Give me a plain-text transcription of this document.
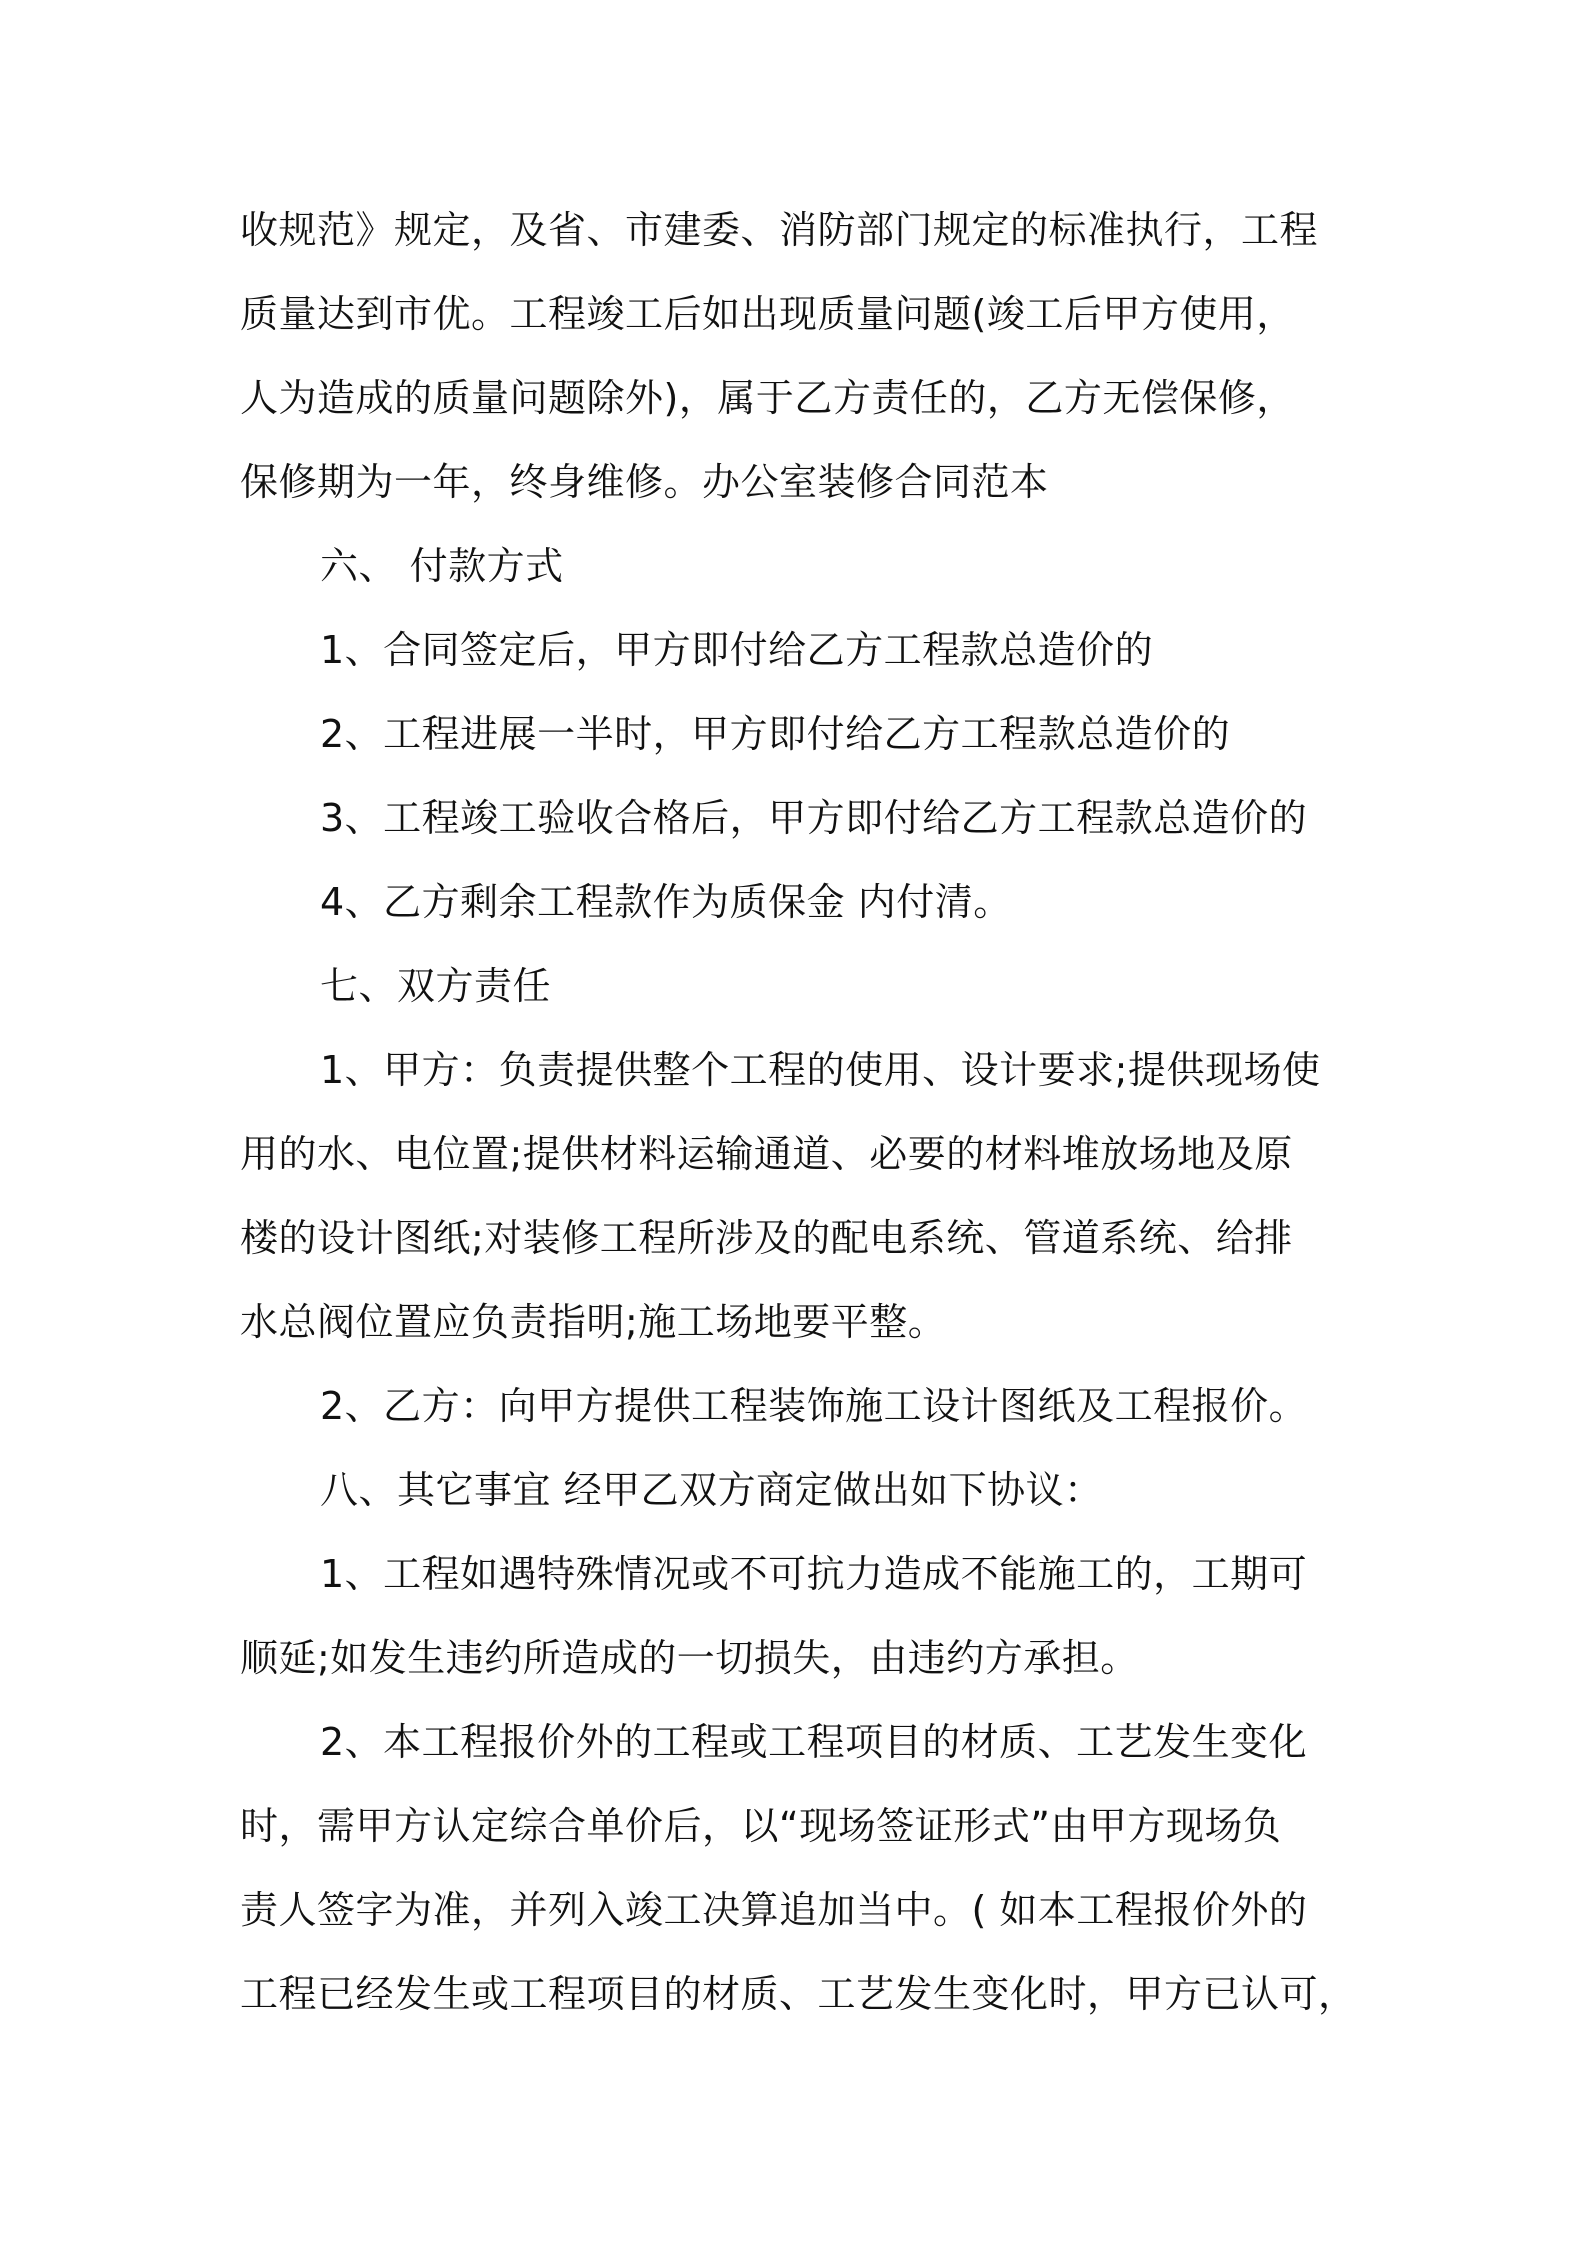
收规范》规定，及省、市建委、消防部门规定的标准执行，工程
质量达到市优。工程竣工后如出现质量问题(竣工后甲方使用，
人为造成的质量问题除外)，属于乙方责任的，乙方无偿保修，
保修期为一年，终身维修。办公室装修合同范本
六、 付款方式
1、合同签定后，甲方即付给乙方工程款总造价的
2、工程进展一半时，甲方即付给乙方工程款总造价的
3、工程竣工验收合格后，甲方即付给乙方工程款总造价的
4、乙方剩余工程款作为质保金 内付清。
七、双方责任
1、甲方：负责提供整个工程的使用、设计要求;提供现场使
用的水、电位置;提供材料运输通道、必要的材料堆放场地及原
楼的设计图纸;对装修工程所涉及的配电系统、管道系统、给排
水总阀位置应负责指明;施工场地要平整。
2、乙方：向甲方提供工程装饰施工设计图纸及工程报价。
八、其它事宜 经甲乙双方商定做出如下协议：
1、工程如遇特殊情况或不可抗力造成不能施工的，工期可
顺延;如发生违约所造成的一切损失，由违约方承担。
2、本工程报价外的工程或工程项目的材质、工艺发生变化
时，需甲方认定综合单价后，以“现场签证形式”由甲方现场负
责人签字为准，并列入竣工决算追加当中。( 如本工程报价外的
工程已经发生或工程项目的材质、工艺发生变化时，甲方已认可，
